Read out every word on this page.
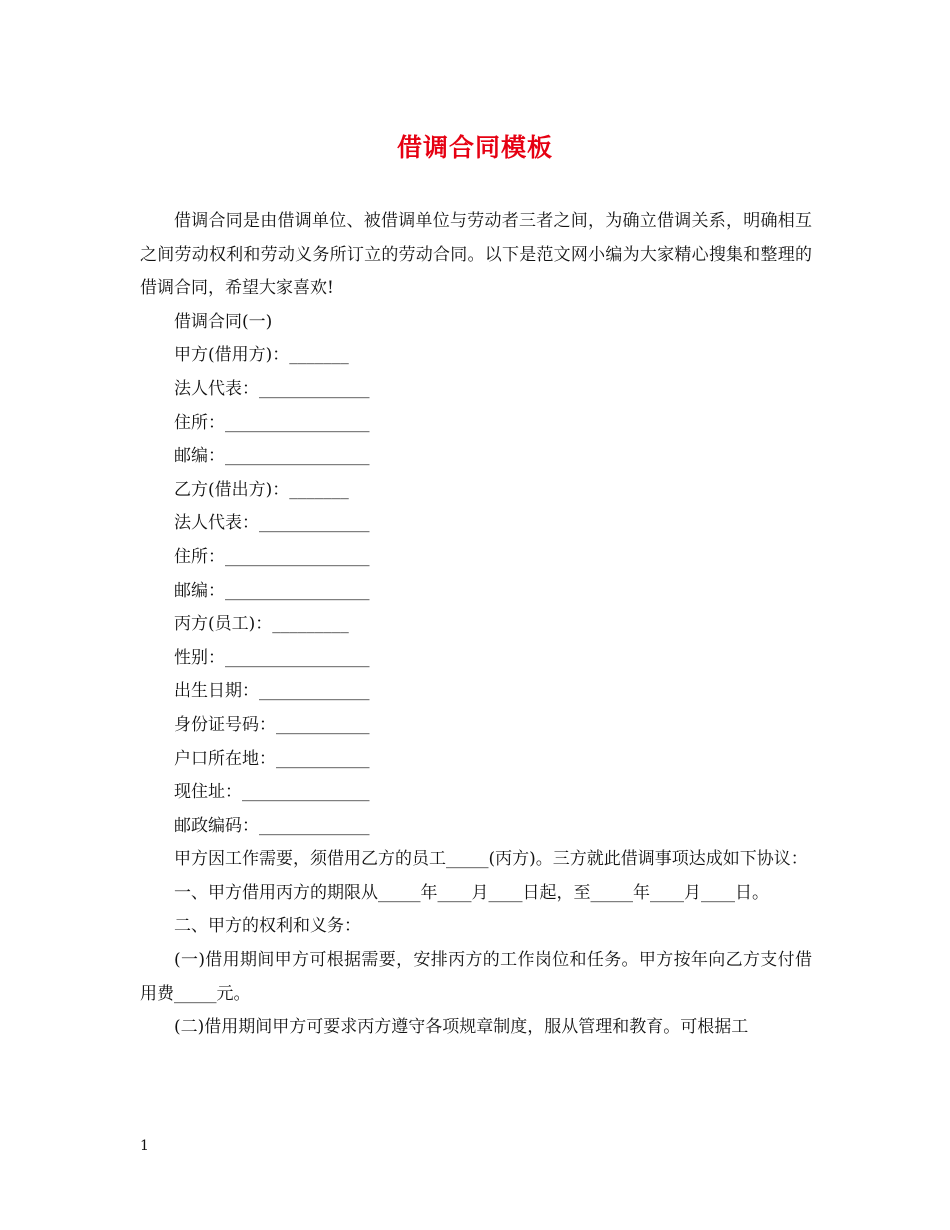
借调合同模板

借调合同是由借调单位、被借调单位与劳动者三者之间，为确立借调关系，明确相互之间劳动权利和劳动义务所订立的劳动合同。以下是范文网小编为大家精心搜集和整理的借调合同，希望大家喜欢!

借调合同(一)

甲方(借用方)：_______

法人代表：_____________

住所：_________________

邮编：_________________

乙方(借出方)：_______

法人代表：_____________

住所：_________________

邮编：_________________

丙方(员工)：_________

性别：_________________

出生日期：_____________

身份证号码：___________

户口所在地：___________

现住址：_______________

邮政编码：_____________

甲方因工作需要，须借用乙方的员工_____(丙方)。三方就此借调事项达成如下协议：

一、甲方借用丙方的期限从_____年____月____日起，至_____年____月____日。

二、甲方的权利和义务：

(一)借用期间甲方可根据需要，安排丙方的工作岗位和任务。甲方按年向乙方支付借用费_____元。

(二)借用期间甲方可要求丙方遵守各项规章制度，服从管理和教育。可根据工

1
